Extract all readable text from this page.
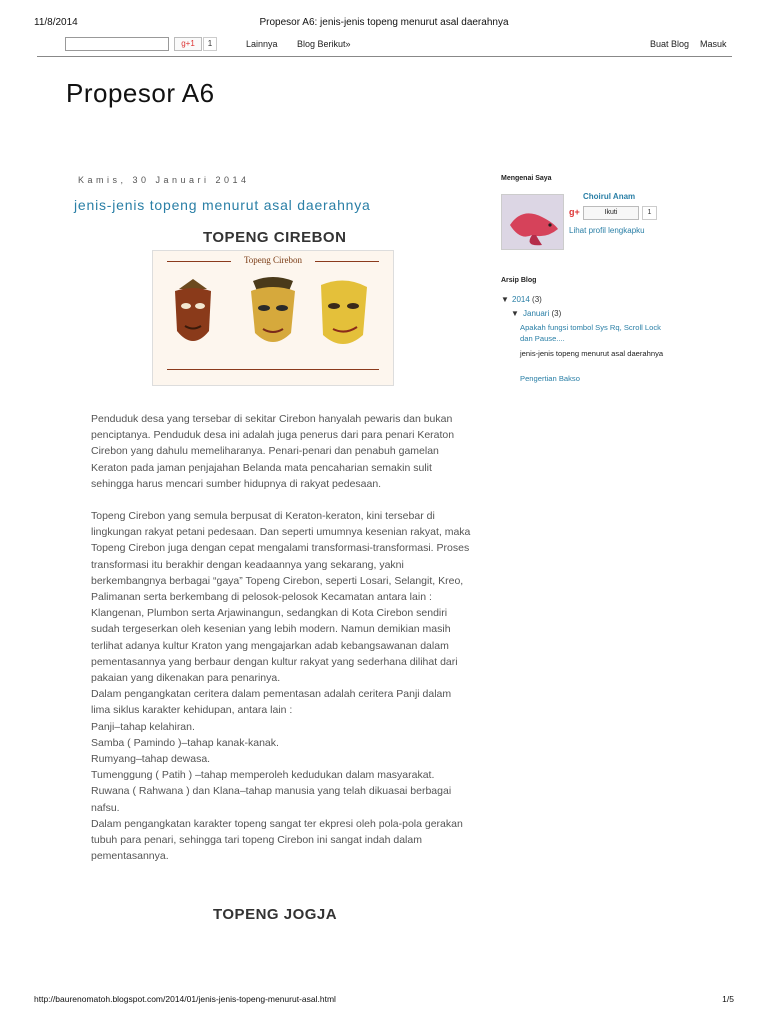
11/8/2014	Propesor A6: jenis-jenis topeng menurut asal daerahnya
g+1	1	Lainnya Blog Berikut»	Buat Blog Masuk
Propesor A6
Kamis, 30 Januari 2014
jenis-jenis topeng menurut asal daerahnya
TOPENG CIREBON
Topeng Cirebon

Penduduk desa yang tersebar di sekitar Cirebon hanyalah pewaris dan bukan penciptanya. Penduduk desa ini adalah juga penerus dari para penari Keraton Cirebon yang dahulu memeliharanya. Penari-penari dan penabuh gamelan Keraton pada jaman penjajahan Belanda mata pencaharian semakin sulit sehingga harus mencari sumber hidupnya di rakyat pedesaan.

Topeng Cirebon yang semula berpusat di Keraton-keraton, kini tersebar di lingkungan rakyat petani pedesaan. Dan seperti umumnya kesenian rakyat, maka Topeng Cirebon juga dengan cepat mengalami transformasi-transformasi. Proses transformasi itu berakhir dengan keadaannya yang sekarang, yakni berkembangnya berbagai “gaya” Topeng Cirebon, seperti Losari, Selangit, Kreo, Palimanan serta berkembang di pelosok-pelosok Kecamatan antara lain : Klangenan, Plumbon serta Arjawinangun, sedangkan di Kota Cirebon sendiri sudah tergeserkan oleh kesenian yang lebih modern. Namun demikian masih terlihat adanya kultur Kraton yang mengajarkan adab kebangsawanan dalam pementasannya yang berbaur dengan kultur rakyat yang sederhana dilihat dari pakaian yang dikenakan para penarinya.

Dalam pengangkatan ceritera dalam pementasan adalah ceritera Panji dalam lima siklus karakter kehidupan, antara lain :

Panji–tahap kelahiran.

Samba ( Pamindo )–tahap kanak-kanak.

Rumyang–tahap dewasa.

Tumenggung ( Patih ) –tahap memperoleh kedudukan dalam masyarakat.

Ruwana ( Rahwana ) dan Klana–tahap manusia yang telah dikuasai berbagai nafsu.

Dalam pengangkatan karakter topeng sangat ter ekpresi oleh pola-pola gerakan tubuh para penari, sehingga tari topeng Cirebon ini sangat indah dalam pementasannya.

TOPENG JOGJA
Mengenai Saya
Choirul Anam
g+	Ikuti	1
Lihat profil lengkapku
Arsip Blog
▼ 2014 (3)
▼ Januari (3)
Apakah fungsi tombol Sys Rq, Scroll Lock dan Pause....
jenis-jenis topeng menurut asal daerahnya
Pengertian Bakso
http://baurenomatoh.blogspot.com/2014/01/jenis-jenis-topeng-menurut-asal.html	1/5
